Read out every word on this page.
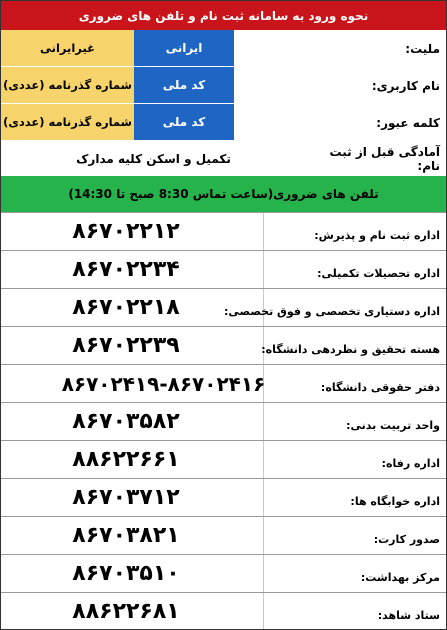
نحوه ورود به سامانه ثبت نام و تلفن های ضروری
ملیت:
ایرانی
غیرایرانی
نام کاربری:
کد ملی
شماره گذرنامه (عددی)
کلمه عبور:
کد ملی
شماره گذرنامه (عددی)
آمادگی قبل از ثبت نام:
تکمیل و اسکن کلیه مدارک
تلفن های ضروری(ساعت تماس 8:30 صبح تا 14:30)
اداره ثبت نام و پذیرش:
۸۶۷۰۲۲۱۲
اداره تحصیلات تکمیلی:
۸۶۷۰۲۲۳۴
اداره دستیاری تخصصی و فوق تخصصی:
۸۶۷۰۲۲۱۸
هسته تحقیق و نظردهی دانشگاه:
۸۶۷۰۲۲۳۹
دفتر حقوقی دانشگاه:
۸۶۷۰۲۴۱۹-۸۶۷۰۲۴۱۶
واحد تربیت بدنی:
۸۶۷۰۳۵۸۲
اداره رفاه:
۸۸۶۲۲۶۶۱
اداره خوابگاه ها:
۸۶۷۰۳۷۱۲
صدور کارت:
۸۶۷۰۳۸۲۱
مرکز بهداشت:
۸۶۷۰۳۵۱۰
ستاد شاهد:
۸۸۶۲۲۶۸۱
